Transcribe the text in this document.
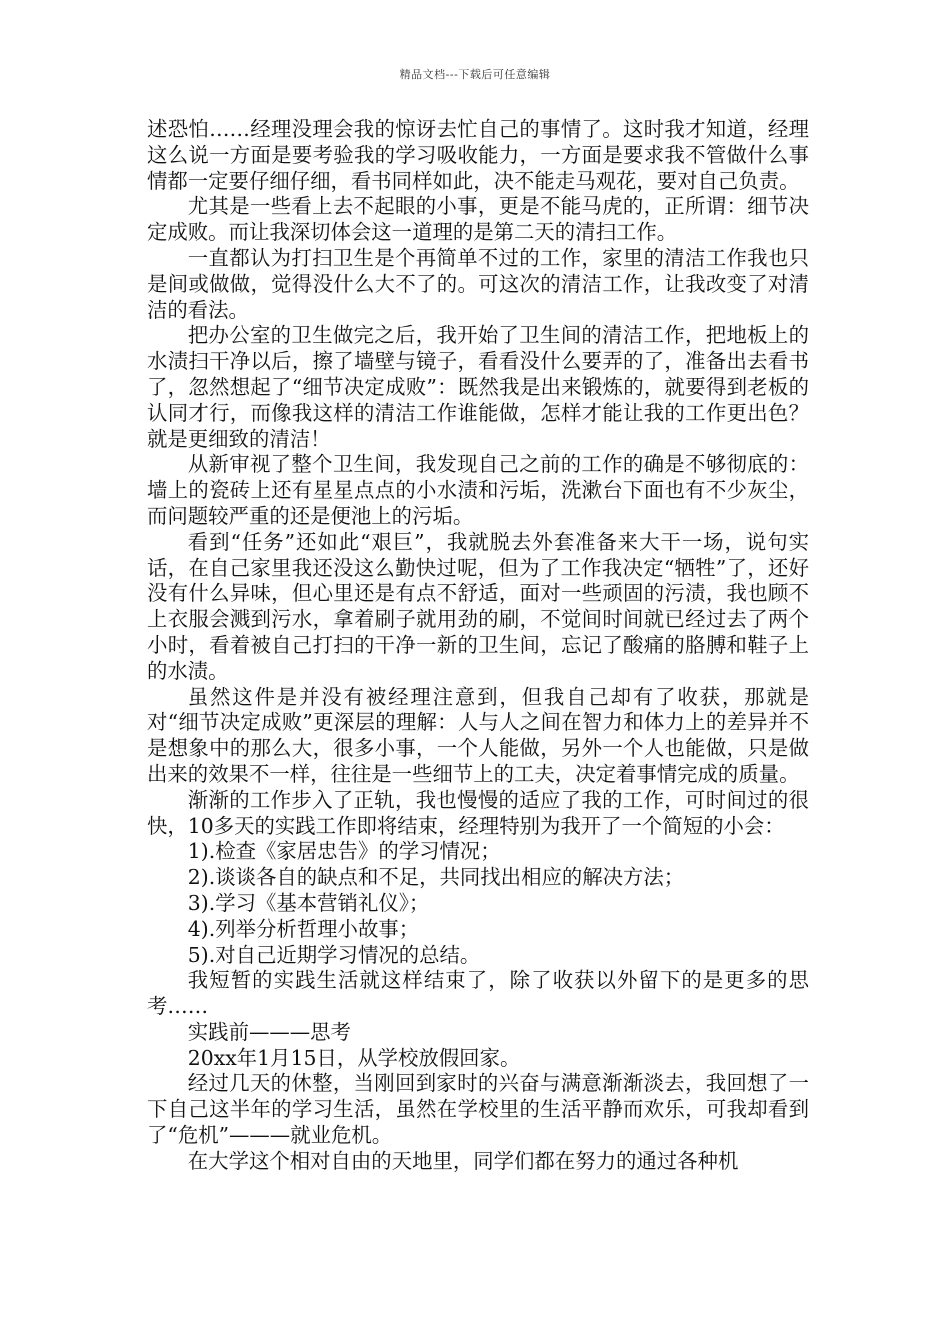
精品文档---下载后可任意编辑

述恐怕……经理没理会我的惊讶去忙自己的事情了。这时我才知道，经理这么说一方面是要考验我的学习吸收能力，一方面是要求我不管做什么事情都一定要仔细仔细，看书同样如此，决不能走马观花，要对自己负责。

尤其是一些看上去不起眼的小事，更是不能马虎的，正所谓：细节决定成败。而让我深切体会这一道理的是第二天的清扫工作。

一直都认为打扫卫生是个再简单不过的工作，家里的清洁工作我也只是间或做做，觉得没什么大不了的。可这次的清洁工作，让我改变了对清洁的看法。

把办公室的卫生做完之后，我开始了卫生间的清洁工作，把地板上的水渍扫干净以后，擦了墙壁与镜子，看看没什么要弄的了，准备出去看书了，忽然想起了“细节决定成败”：既然我是出来锻炼的，就要得到老板的认同才行，而像我这样的清洁工作谁能做，怎样才能让我的工作更出色？就是更细致的清洁！

从新审视了整个卫生间，我发现自己之前的工作的确是不够彻底的：墙上的瓷砖上还有星星点点的小水渍和污垢，洗漱台下面也有不少灰尘，而问题较严重的还是便池上的污垢。

看到“任务”还如此“艰巨”，我就脱去外套准备来大干一场，说句实话，在自己家里我还没这么勤快过呢，但为了工作我决定“牺牲”了，还好没有什么异味，但心里还是有点不舒适，面对一些顽固的污渍，我也顾不上衣服会溅到污水，拿着刷子就用劲的刷，不觉间时间就已经过去了两个小时，看着被自己打扫的干净一新的卫生间，忘记了酸痛的胳膊和鞋子上的水渍。

虽然这件是并没有被经理注意到，但我自己却有了收获，那就是对“细节决定成败”更深层的理解：人与人之间在智力和体力上的差异并不是想象中的那么大，很多小事，一个人能做，另外一个人也能做，只是做出来的效果不一样，往往是一些细节上的工夫，决定着事情完成的质量。

渐渐的工作步入了正轨，我也慢慢的适应了我的工作，可时间过的很快，10多天的实践工作即将结束，经理特别为我开了一个简短的小会：

1).检查《家居忠告》的学习情况；

2).谈谈各自的缺点和不足，共同找出相应的解决方法；

3).学习《基本营销礼仪》；

4).列举分析哲理小故事；

5).对自己近期学习情况的总结。

我短暂的实践生活就这样结束了，除了收获以外留下的是更多的思考……

实践前———思考

20xx年1月15日，从学校放假回家。

经过几天的休整，当刚回到家时的兴奋与满意渐渐淡去，我回想了一下自己这半年的学习生活，虽然在学校里的生活平静而欢乐，可我却看到了“危机”———就业危机。

在大学这个相对自由的天地里，同学们都在努力的通过各种机
